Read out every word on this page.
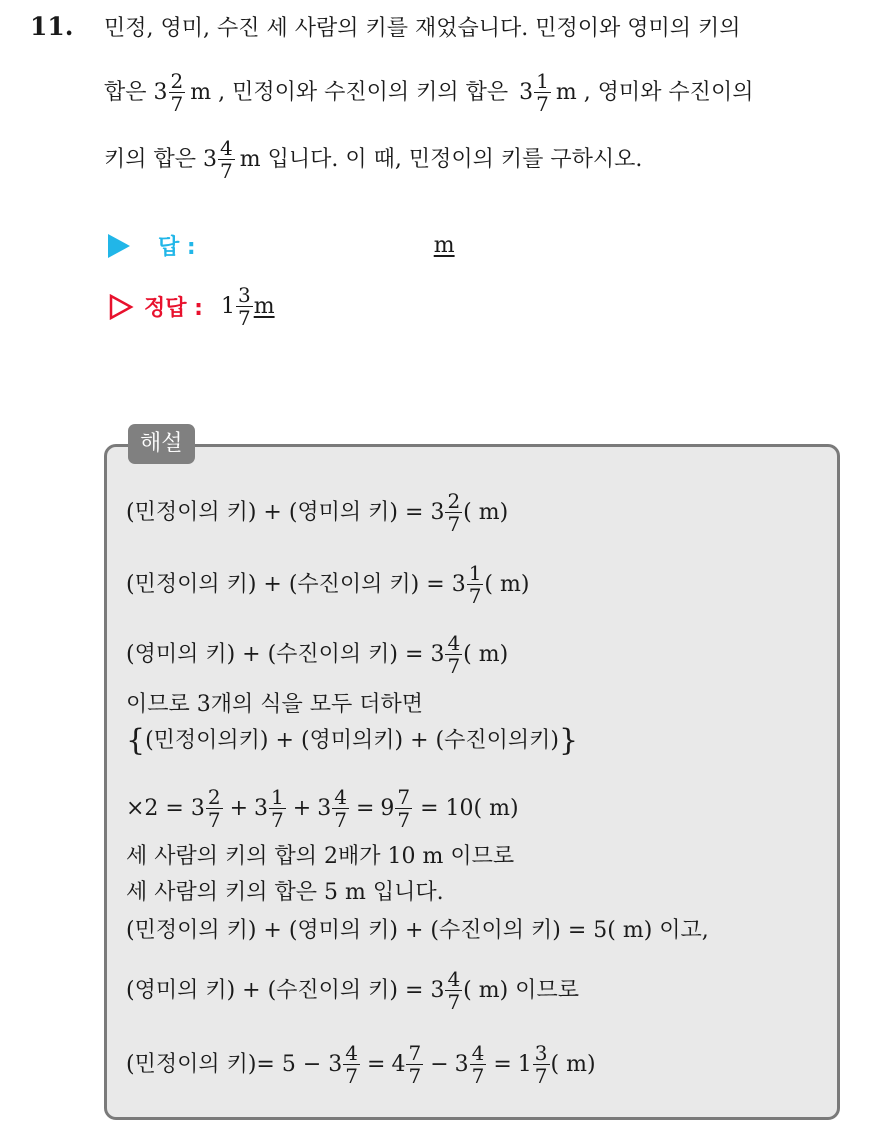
11. 민정, 영미, 수진 세 사람의 키를 재었습니다. 민정이와 영미의 키의
합은
$3 \frac{2}{7}$ m , 민정이와 수진이의 키의 합은
$3 \frac{1}{7}$ m , 영미와 수진이의
키의 합은
$3 \frac{4}{7}$ m 입니다. 이 때, 민정이의 키를 구하시오.
답 :	m
정답 : $1 \frac{3}{7}$ m
해설
(민정이의 키) + (영미의 키) =
$3 \frac{2}{7}$ ( m)
(민정이의 키) + (수진이의 키) =
$3 \frac{1}{7}$ ( m)
(영미의 키) + (수진이의 키) =
$3 \frac{4}{7}$ ( m)
이므로 3개의 식을 모두 더하면
{ (민정이의키) + (영미의키) + (수진이의키) }
×2 =
$3 \frac{2}{7} + 3 \frac{1}{7} + 3 \frac{4}{7} = 9 \frac{7}{7}$
= 10( m)
세 사람의 키의 합의 2배가 10 m 이므로
세 사람의 키의 합은 5 m 입니다.
(민정이의 키) + (영미의 키) + (수진이의 키) = 5( m) 이고,
(영미의 키) + (수진이의 키) =
$3 \frac{4}{7}$ ( m) 이므로
(민정이의 키)= 5 −
$3 \frac{4}{7} = 4 \frac{7}{7} - 3 \frac{4}{7} = 1 \frac{3}{7}$ ( m)
